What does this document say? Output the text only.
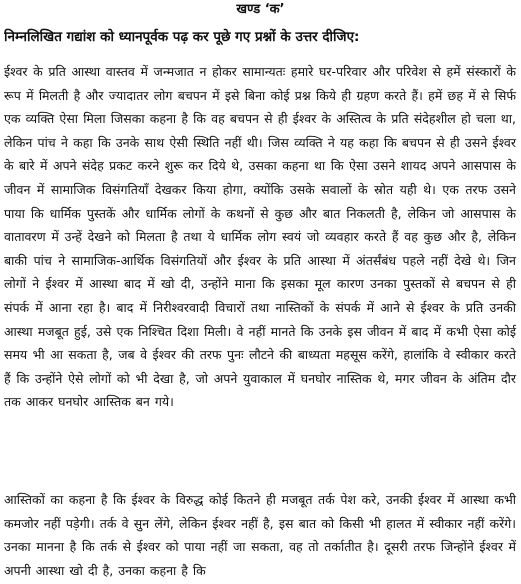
खण्ड ‘क’
निम्नलिखित गद्यांश को ध्यानपूर्वक पढ़ कर पूछे गए प्रश्नों के उत्तर दीजिए:
ईश्वर के प्रति आस्था वास्तव में जन्मजात न होकर सामान्यतः हमारे घर-परिवार और परिवेश से हमें संस्कारों के रूप में मिलती है और ज्यादातर लोग बचपन में इसे बिना कोई प्रश्न किये ही ग्रहण करते हैं। हमें छह में से सिर्फ एक व्यक्ति ऐसा मिला जिसका कहना है कि वह बचपन से ही ईश्वर के अस्तित्व के प्रति संदेहशील हो चला था, लेकिन पांच ने कहा कि उनके साथ ऐसी स्थिति नहीं थी। जिस व्यक्ति ने यह कहा कि बचपन से ही उसने ईश्वर के बारे में अपने संदेह प्रकट करने शुरू कर दिये थे, उसका कहना था कि ऐसा उसने शायद अपने आसपास के जीवन में सामाजिक विसंगतियाँ देखकर किया होगा, क्योंकि उसके सवालों के स्रोत यही थे। एक तरफ उसने पाया कि धार्मिक पुस्तकें और धार्मिक लोगों के कथनों से कुछ और बात निकलती है, लेकिन जो आसपास के वातावरण में उन्हें देखने को मिलता है तथा ये धार्मिक लोग स्वयं जो व्यवहार करते हैं वह कुछ और है, लेकिन बाकी पांच ने सामाजिक-आर्थिक विसंगतियों और ईश्वर के प्रति आस्था में अंतर्संबंध पहले नहीं देखे थे। जिन लोगों ने ईश्वर में आस्था बाद में खो दी, उन्होंने माना कि इसका मूल कारण उनका पुस्तकों से बचपन से ही संपर्क में आना रहा है। बाद में निरीश्वरवादी विचारों तथा नास्तिकों के संपर्क में आने से ईश्वर के प्रति उनकी आस्था मजबूत हुई, उसे एक निश्चित दिशा मिली। वे नहीं मानते कि उनके इस जीवन में बाद में कभी ऐसा कोई समय भी आ सकता है, जब वे ईश्वर की तरफ पुनः लौटने की बाध्यता महसूस करेंगे, हालांकि वे स्वीकार करते हैं कि उन्होंने ऐसे लोगों को भी देखा है, जो अपने युवाकाल में घनघोर नास्तिक थे, मगर जीवन के अंतिम दौर तक आकर घनघोर आस्तिक बन गये।
आस्तिकों का कहना है कि ईश्वर के विरुद्ध कोई कितने ही मजबूत तर्क पेश करे, उनकी ईश्वर में आस्था कभी कमजोर नहीं पड़ेगी। तर्क वे सुन लेंगे, लेकिन ईश्वर नहीं है, इस बात को किसी भी हालत में स्वीकार नहीं करेंगे। उनका मानना है कि तर्क से ईश्वर को पाया नहीं जा सकता, वह तो तर्कातीत है। दूसरी तरफ जिन्होंने ईश्वर में अपनी आस्था खो दी है, उनका कहना है कि
